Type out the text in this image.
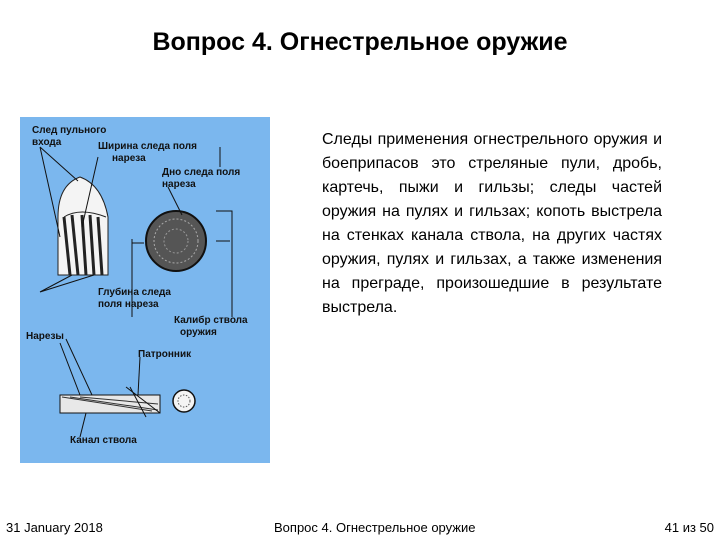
Вопрос 4. Огнестрельное оружие
След пульного
входа	Ширина следа поля
нареза
Дно следа поля
нареза
Глубина следа
поля нареза
Калибр ствола
оружия
Нарезы
Патронник
Канал ствола
Следы применения огнестрельного оружия и боеприпасов это стреляные пули, дробь, картечь, пыжи и гильзы; следы частей оружия на пулях и гильзах; копоть выстрела на стенках канала ствола, на других частях оружия, пулях и гильзах, а также изменения на преграде, произошедшие в результате выстрела.
31 January 2018	Вопрос 4. Огнестрельное оружие	41 из 50
